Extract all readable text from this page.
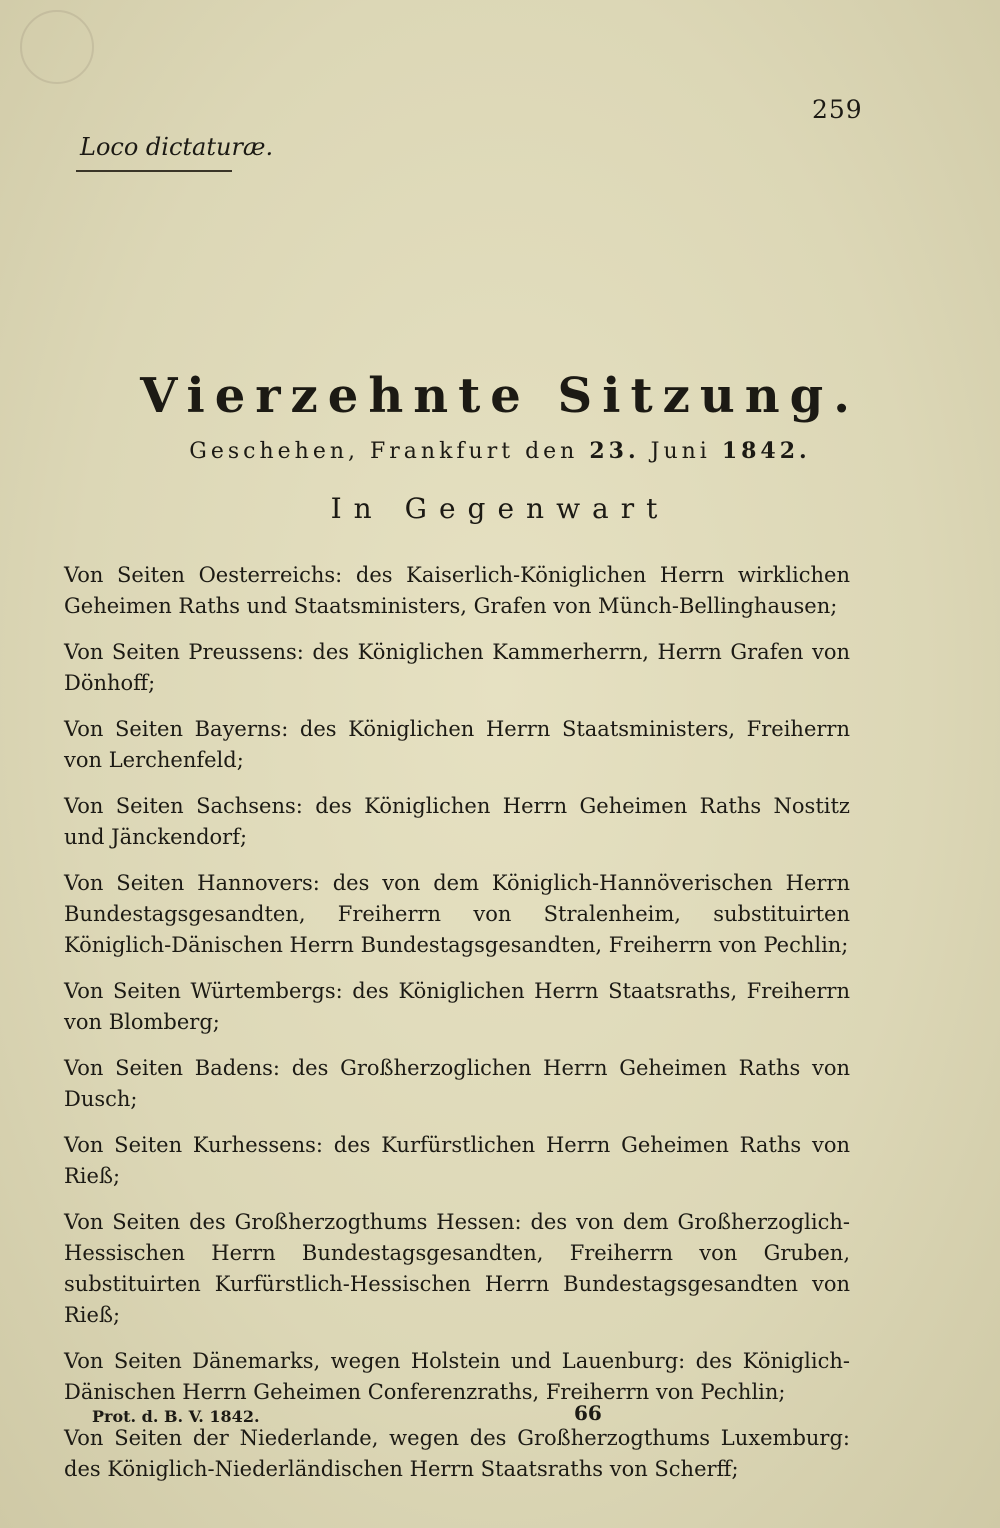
259
Loco dictaturæ.
Vierzehnte Sitzung.
Geschehen, Frankfurt den 23. Juni 1842.
In Gegenwart

Von Seiten Oesterreichs: des Kaiserlich-Königlichen Herrn wirklichen Geheimen Raths und Staatsministers, Grafen von Münch-Bellinghausen;

Von Seiten Preussens: des Königlichen Kammerherrn, Herrn Grafen von Dönhoff;

Von Seiten Bayerns: des Königlichen Herrn Staatsministers, Freiherrn von Lerchenfeld;

Von Seiten Sachsens: des Königlichen Herrn Geheimen Raths Nostitz und Jänckendorf;

Von Seiten Hannovers: des von dem Königlich-Hannöverischen Herrn Bundestagsgesandten, Freiherrn von Stralenheim, substituirten Königlich-Dänischen Herrn Bundestagsgesandten, Freiherrn von Pechlin;

Von Seiten Würtembergs: des Königlichen Herrn Staatsraths, Freiherrn von Blomberg;

Von Seiten Badens: des Großherzoglichen Herrn Geheimen Raths von Dusch;

Von Seiten Kurhessens: des Kurfürstlichen Herrn Geheimen Raths von Rieß;

Von Seiten des Großherzogthums Hessen: des von dem Großherzoglich-Hessischen Herrn Bundestagsgesandten, Freiherrn von Gruben, substituirten Kurfürstlich-Hessischen Herrn Bundestagsgesandten von Rieß;

Von Seiten Dänemarks, wegen Holstein und Lauenburg: des Königlich-Dänischen Herrn Geheimen Conferenzraths, Freiherrn von Pechlin;

Von Seiten der Niederlande, wegen des Großherzogthums Luxemburg: des Königlich-Niederländischen Herrn Staatsraths von Scherff;

Prot. d. B. V. 1842.	66
